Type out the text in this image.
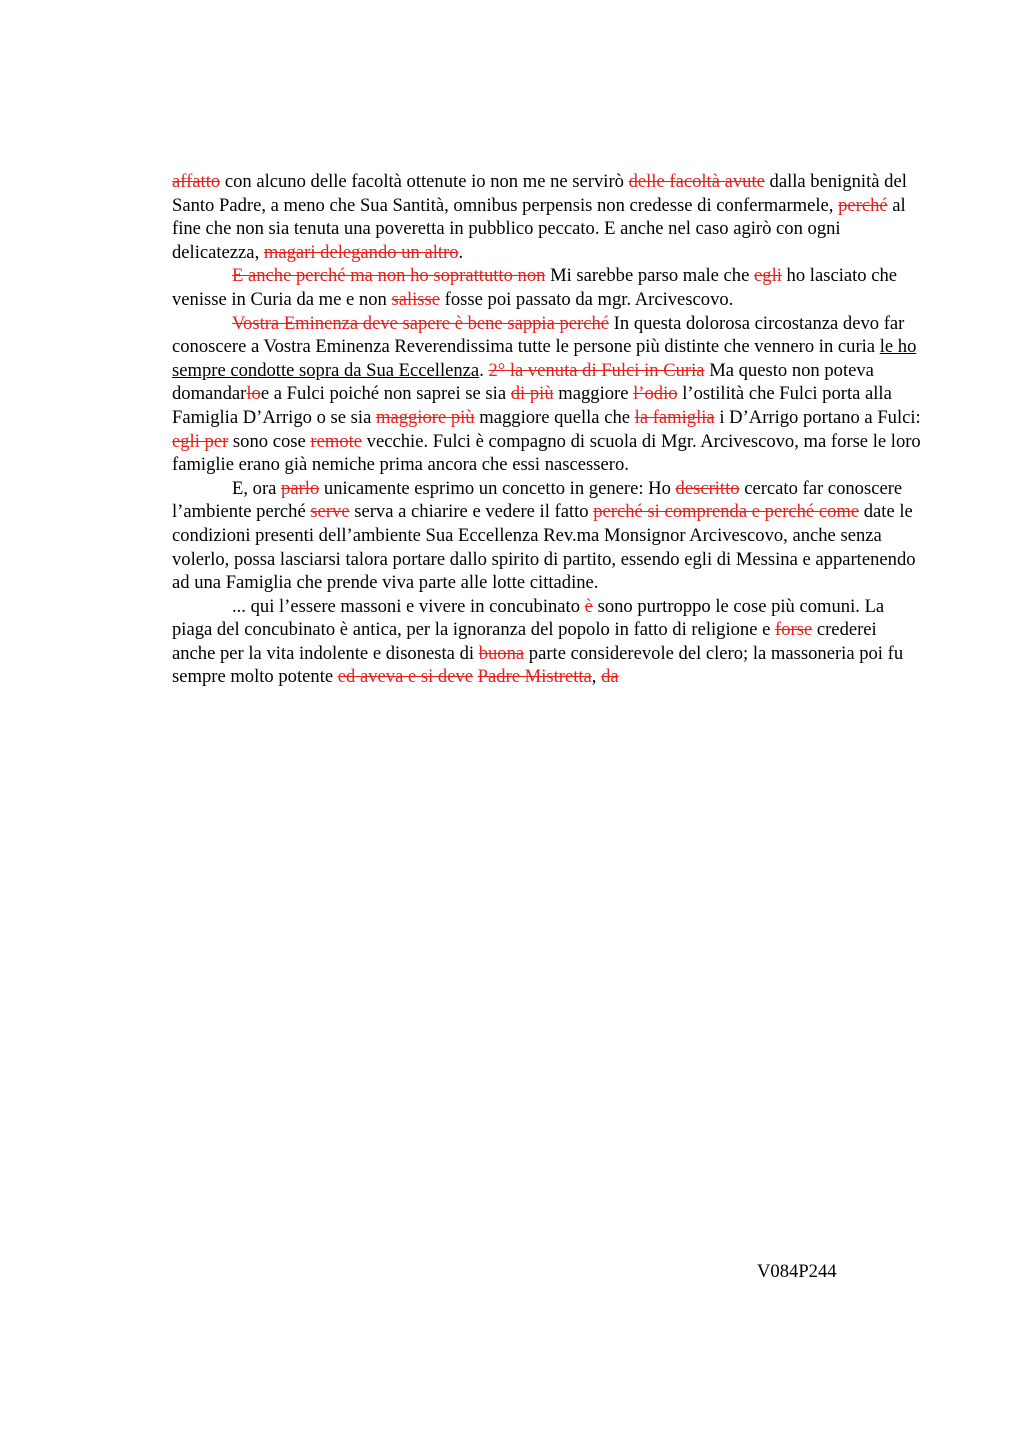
affatto con alcuno delle facoltà ottenute io non me ne servirò delle facoltà avute dalla benignità del Santo Padre, a meno che Sua Santità, omnibus perpensis non credesse di confermarmele, perché al fine che non sia tenuta una poveretta in pubblico peccato. E anche nel caso agirò con ogni delicatezza, magari delegando un altro.

E anche perché ma non ho soprattutto non Mi sarebbe parso male che egli ho lasciato che venisse in Curia da me e non salisse fosse poi passato da mgr. Arcivescovo.

Vostra Eminenza deve sapere è bene sappia perché In questa dolorosa circostanza devo far conoscere a Vostra Eminenza Reverendissima tutte le persone più distinte che vennero in curia le ho sempre condotte sopra da Sua Eccellenza. 2° la venuta di Fulci in Curia Ma questo non poteva domandarloe a Fulci poiché non saprei se sia di più maggiore l’odio l’ostilità che Fulci porta alla Famiglia D’Arrigo o se sia maggiore più maggiore quella che la famiglia i D’Arrigo portano a Fulci: egli per sono cose remote vecchie. Fulci è compagno di scuola di Mgr. Arcivescovo, ma forse le loro famiglie erano già nemiche prima ancora che essi nascessero.

E, ora parlo unicamente esprimo un concetto in genere: Ho descritto cercato far conoscere l’ambiente perché serve serva a chiarire e vedere il fatto perché si comprenda e perché come date le condizioni presenti dell’ambiente Sua Eccellenza Rev.ma Monsignor Arcivescovo, anche senza volerlo, possa lasciarsi talora portare dallo spirito di partito, essendo egli di Messina e appartenendo ad una Famiglia che prende viva parte alle lotte cittadine.

... qui l’essere massoni e vivere in concubinato è sono purtroppo le cose più comuni. La piaga del concubinato è antica, per la ignoranza del popolo in fatto di religione e forse crederei anche per la vita indolente e disonesta di buona parte considerevole del clero; la massoneria poi fu sempre molto potente ed aveva e si deve Padre Mistretta, da

V084P244
